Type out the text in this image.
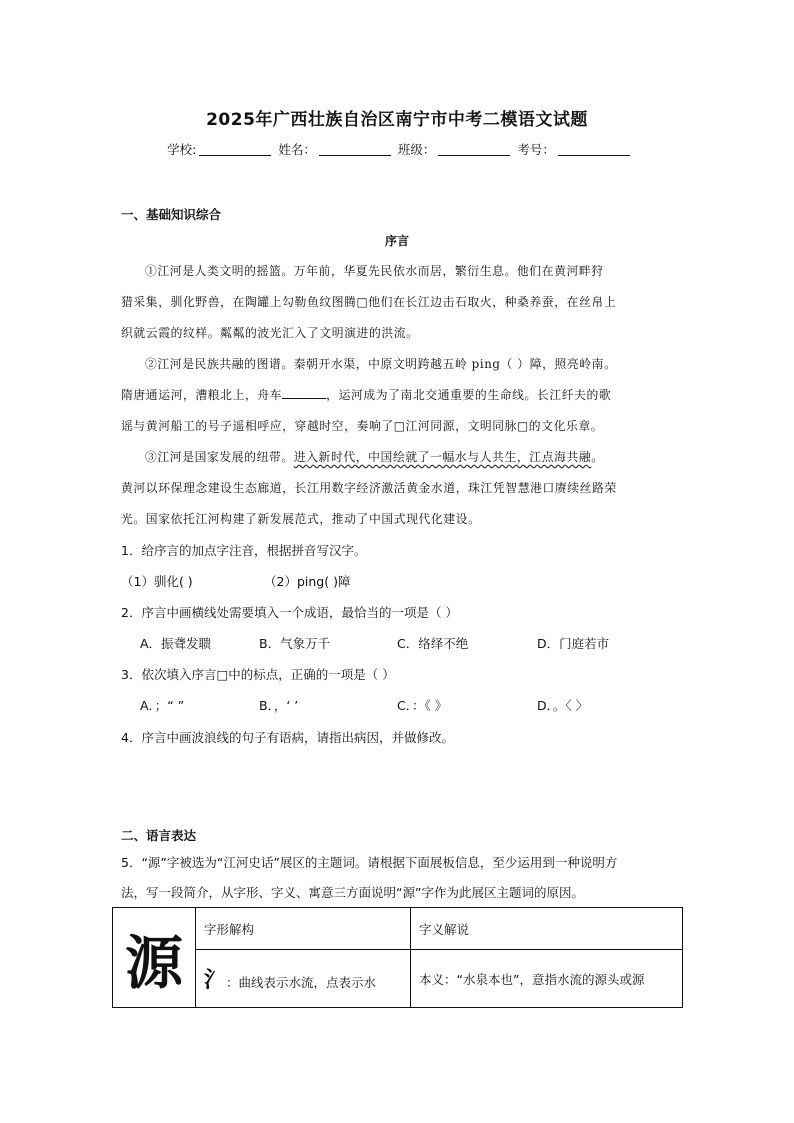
2025年广西壮族自治区南宁市中考二模语文试题
学校:	姓名：	班级：	考号：
一、基础知识综合
序言
①江河是人类文明的摇篮。万年前，华夏先民依水而居，繁衍生息。他们在黄河畔狩
猎采集，驯化野兽，在陶罐上勾勒鱼纹图腾□他们在长江边击石取火，种桑养蚕，在丝帛上
织就云霞的纹样。粼粼的波光汇入了文明演进的洪流。
②江河是民族共融的图谱。秦朝开水渠，中原文明跨越五岭 ping（ ）障，照亮岭南。
隋唐通运河，漕粮北上，舟车	，运河成为了南北交通重要的生命线。长江纤夫的歌
谣与黄河船工的号子遥相呼应，穿越时空，奏响了□江河同源，文明同脉□的文化乐章。
③江河是国家发展的纽带。进入新时代，中国绘就了一幅水与人共生，江点海共融。
黄河以环保理念建设生态廊道，长江用数字经济激活黄金水道，珠江凭智慧港口赓续丝路荣
光。国家依托江河构建了新发展范式，推动了中国式现代化建设。
1．给序言的加点字注音，根据拼音写汉字。
（1）驯化( )	（2）ping( )障
2．序言中画横线处需要填入一个成语，最恰当的一项是（ ）
A．振聋发聩	B．气象万千	C．络绎不绝	D．门庭若市
3．依次填入序言□中的标点，正确的一项是（ ）
A．；“ ”	B．，‘ ’	C．：《 》	D．。〈 〉
4．序言中画波浪线的句子有语病，请指出病因，并做修改。
二、语言表达
5．“源”字被选为“江河史话”展区的主题词。请根据下面展板信息，至少运用到一种说明方
法，写一段简介，从字形、字义、寓意三方面说明“源”字作为此展区主题词的原因。
源	字形解构	字义解说
	氵：曲线表示水流，点表示水	本义：“水泉本也”，意指水流的源头或源
